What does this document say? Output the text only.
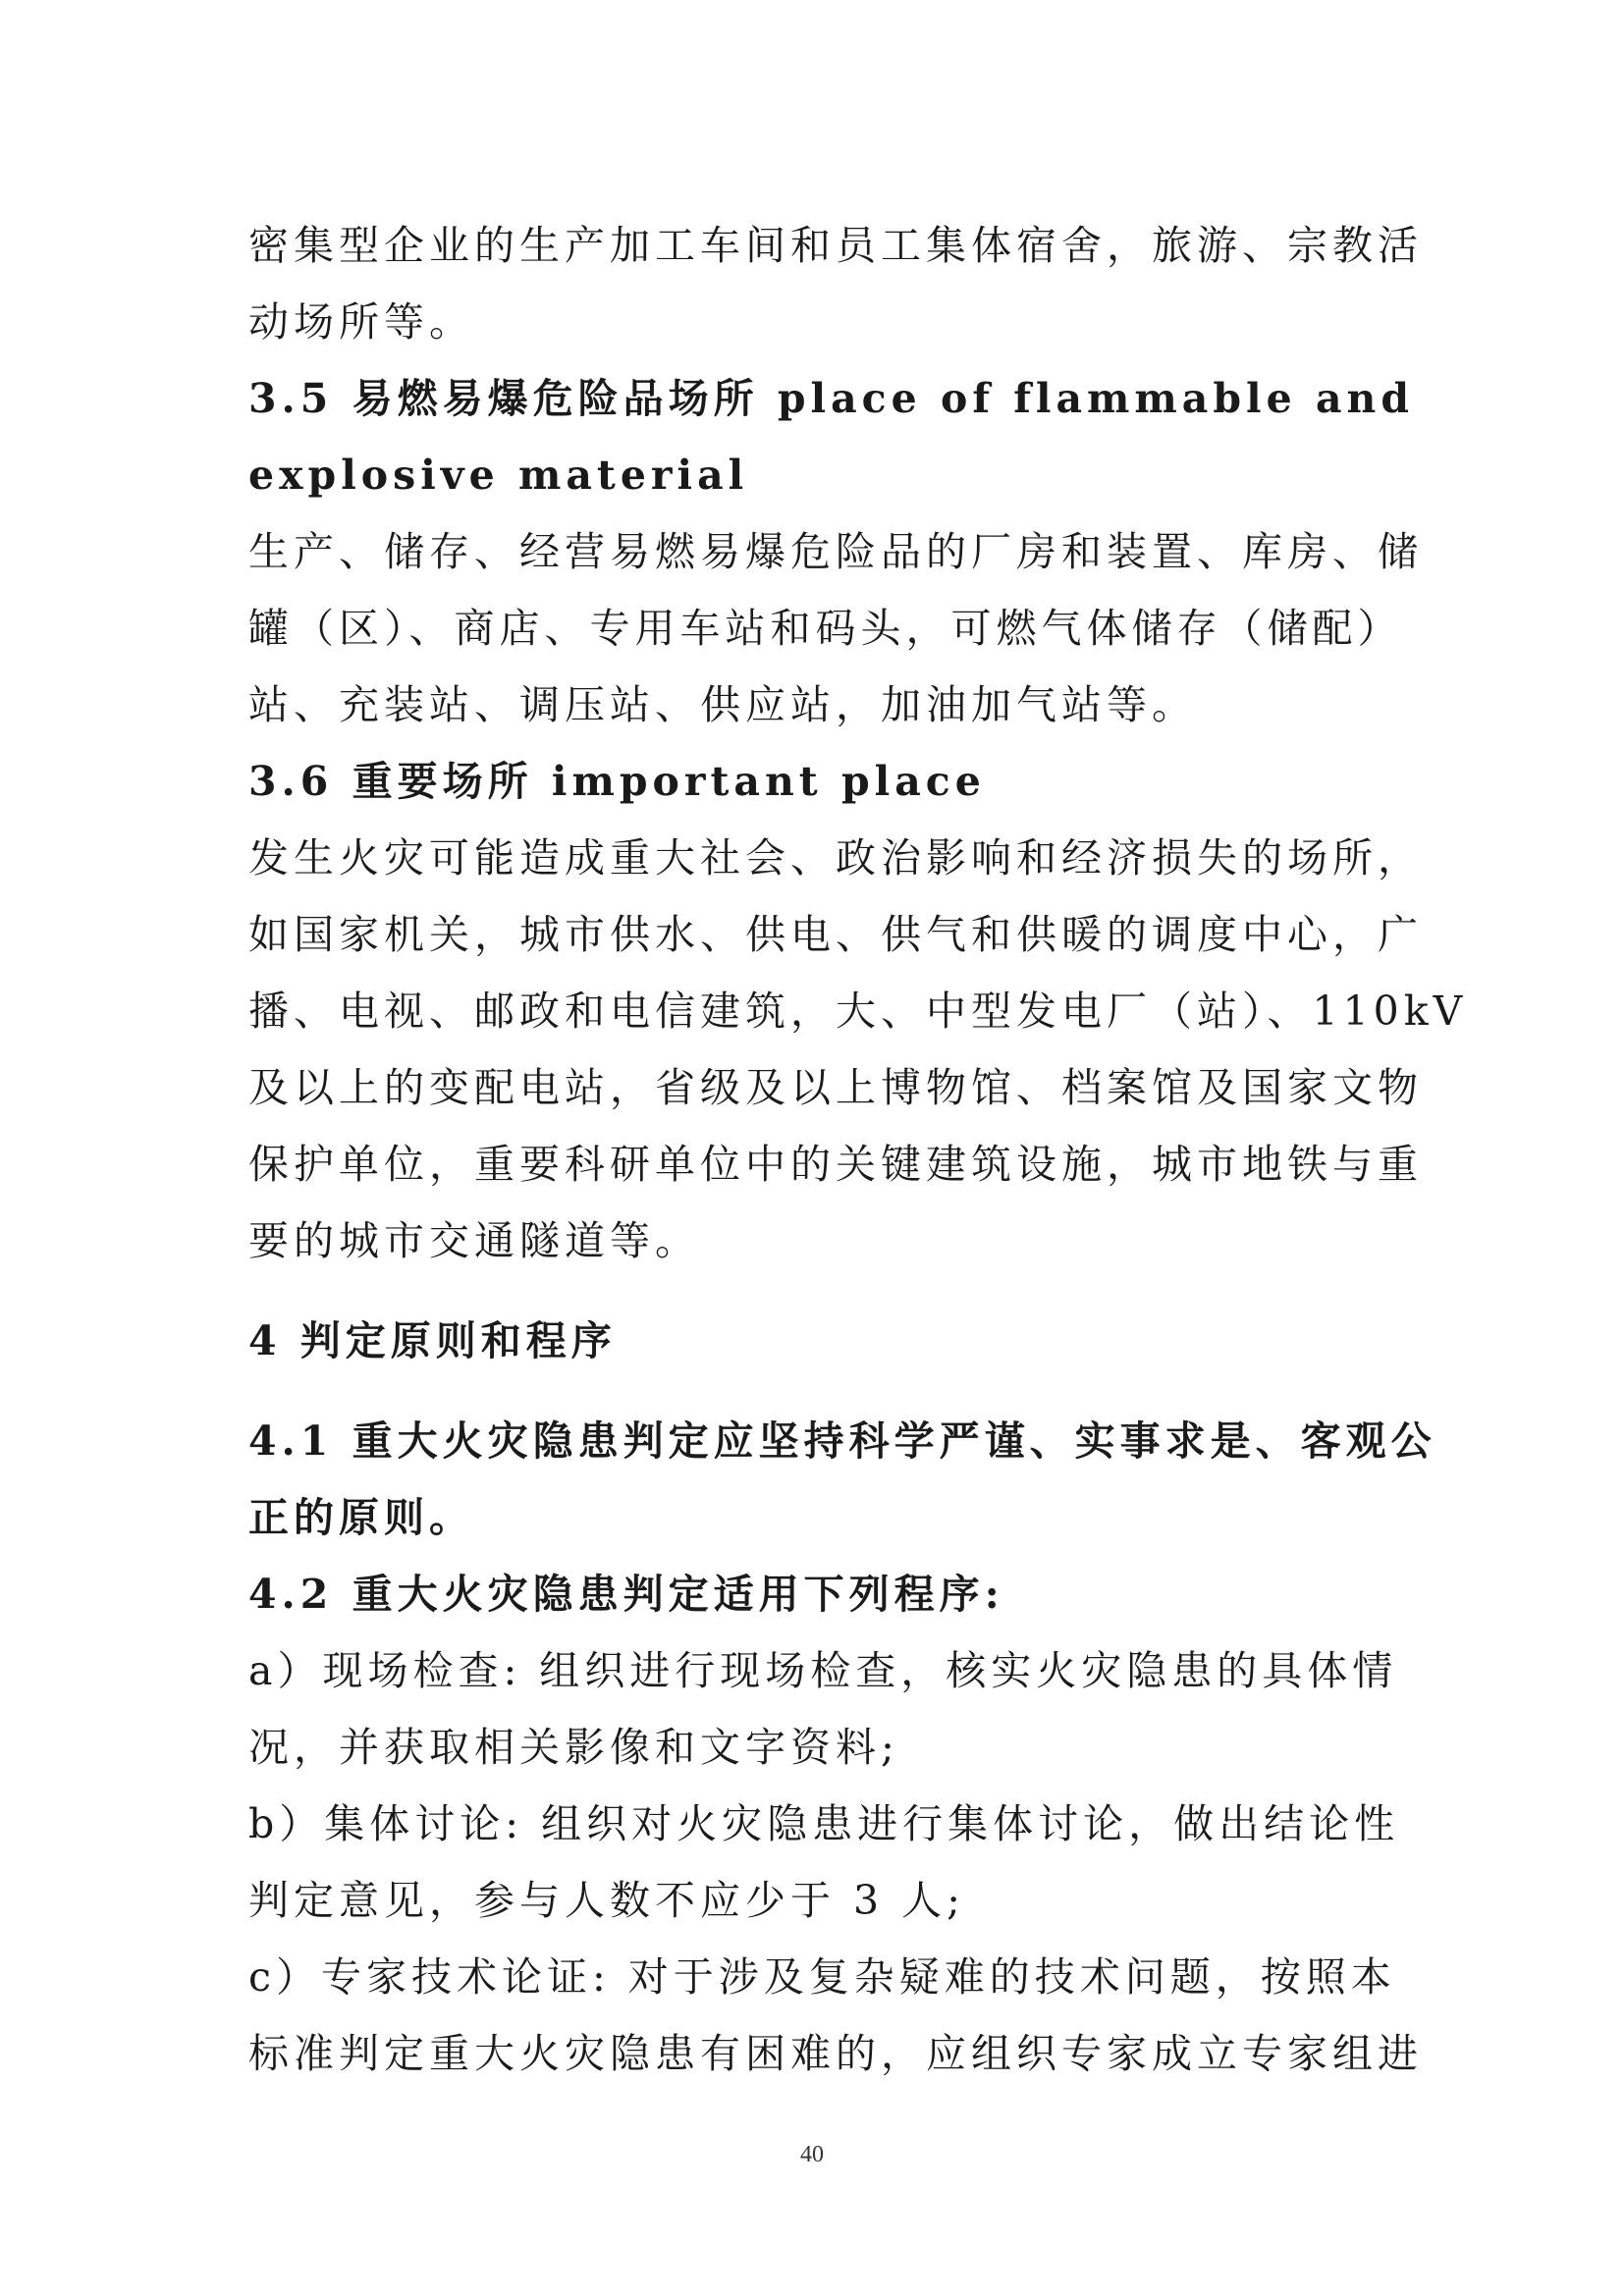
密集型企业的生产加工车间和员工集体宿舍，旅游、宗教活

动场所等。

3.5 易燃易爆危险品场所 place of flammable and

explosive material

生产、储存、经营易燃易爆危险品的厂房和装置、库房、储

罐（区）、商店、专用车站和码头，可燃气体储存（储配）

站、充装站、调压站、供应站，加油加气站等。

3.6 重要场所 important place

发生火灾可能造成重大社会、政治影响和经济损失的场所，

如国家机关，城市供水、供电、供气和供暖的调度中心，广

播、电视、邮政和电信建筑，大、中型发电厂（站）、110kV

及以上的变配电站，省级及以上博物馆、档案馆及国家文物

保护单位，重要科研单位中的关键建筑设施，城市地铁与重

要的城市交通隧道等。

4 判定原则和程序

4.1 重大火灾隐患判定应坚持科学严谨、实事求是、客观公

正的原则。

4.2 重大火灾隐患判定适用下列程序:

a）现场检查: 组织进行现场检查，核实火灾隐患的具体情

况，并获取相关影像和文字资料;

b）集体讨论: 组织对火灾隐患进行集体讨论，做出结论性

判定意见，参与人数不应少于 3 人;

c）专家技术论证: 对于涉及复杂疑难的技术问题，按照本

标准判定重大火灾隐患有困难的，应组织专家成立专家组进

40
